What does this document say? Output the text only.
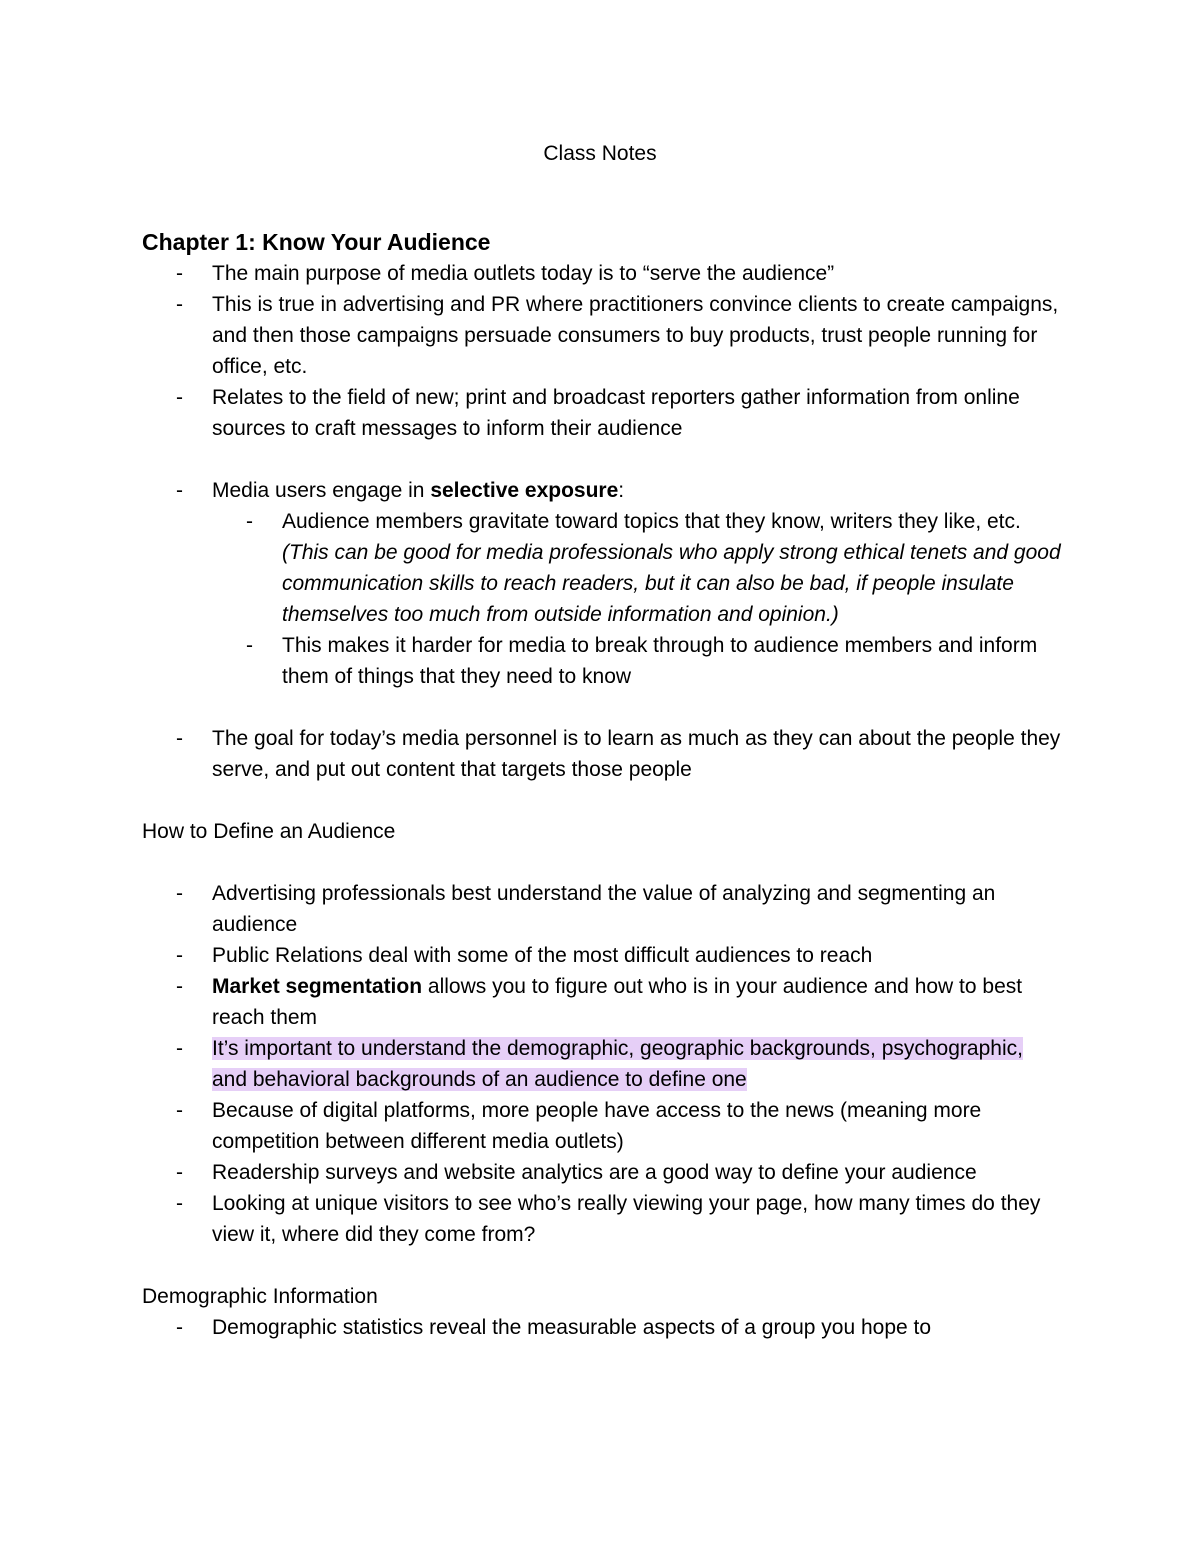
Class Notes
Chapter 1: Know Your Audience
- The main purpose of media outlets today is to “serve the audience”
- This is true in advertising and PR where practitioners convince clients to create campaigns, and then those campaigns persuade consumers to buy products, trust people running for office, etc.
- Relates to the field of new; print and broadcast reporters gather information from online sources to craft messages to inform their audience
- Media users engage in selective exposure:
- Audience members gravitate toward topics that they know, writers they like, etc. (This can be good for media professionals who apply strong ethical tenets and good communication skills to reach readers, but it can also be bad, if people insulate themselves too much from outside information and opinion.)
- This makes it harder for media to break through to audience members and inform them of things that they need to know
- The goal for today’s media personnel is to learn as much as they can about the people they serve, and put out content that targets those people

How to Define an Audience

- Advertising professionals best understand the value of analyzing and segmenting an audience
- Public Relations deal with some of the most difficult audiences to reach
- Market segmentation allows you to figure out who is in your audience and how to best reach them
- It’s important to understand the demographic, geographic backgrounds, psychographic, and behavioral backgrounds of an audience to define one
- Because of digital platforms, more people have access to the news (meaning more competition between different media outlets)
- Readership surveys and website analytics are a good way to define your audience
- Looking at unique visitors to see who’s really viewing your page, how many times do they view it, where did they come from?

Demographic Information

- Demographic statistics reveal the measurable aspects of a group you hope to
